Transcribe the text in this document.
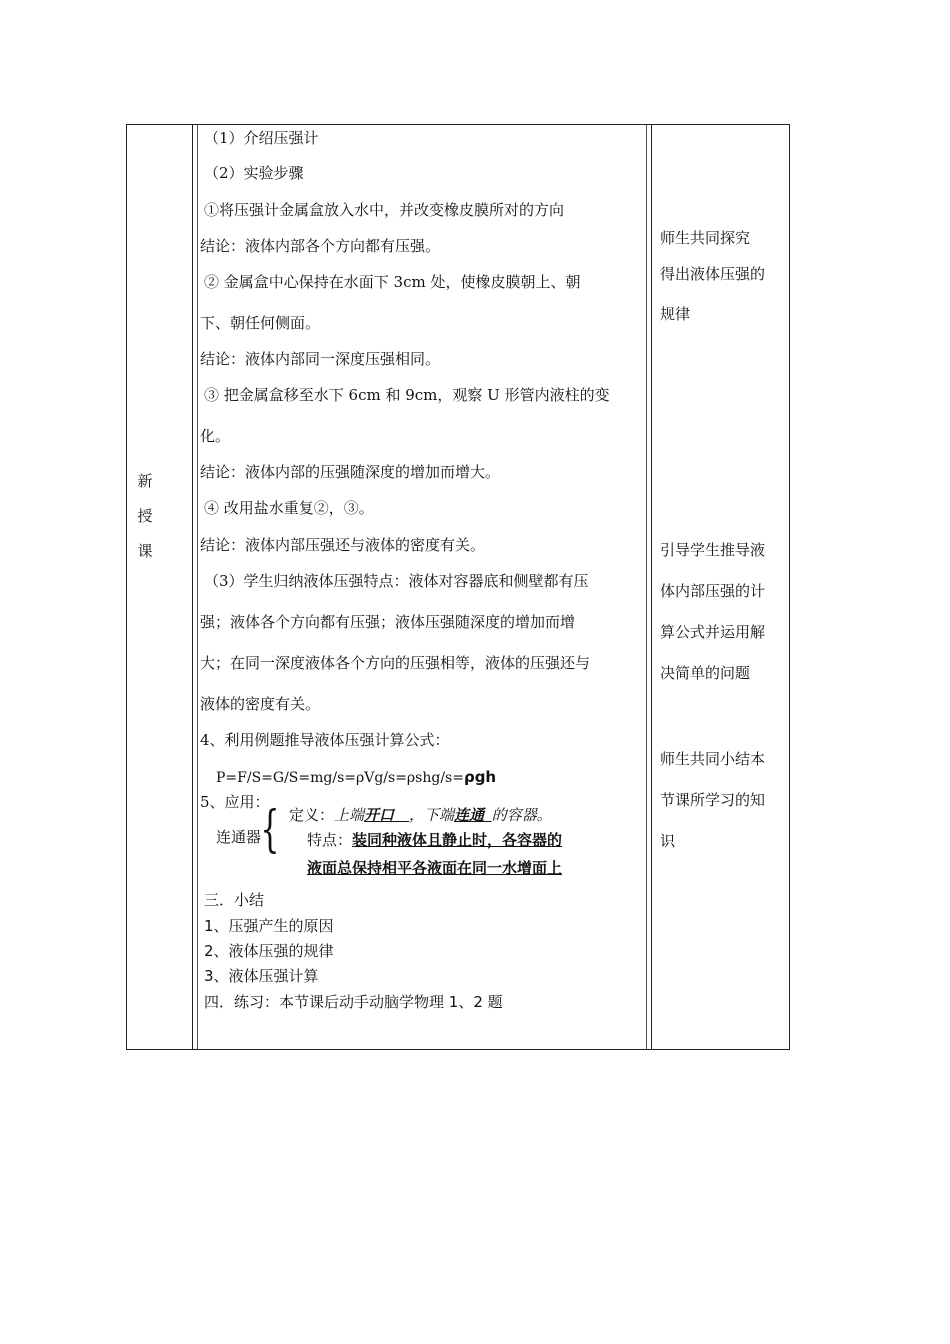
新
授
课
（1）介绍压强计
（2）实验步骤
①将压强计金属盒放入水中，并改变橡皮膜所对的方向
结论：液体内部各个方向都有压强。
② 金属盒中心保持在水面下 3cm 处，使橡皮膜朝上、朝
下、朝任何侧面。
结论：液体内部同一深度压强相同。
③ 把金属盒移至水下 6cm 和 9cm，观察 U 形管内液柱的变
化。
结论：液体内部的压强随深度的增加而增大。
④ 改用盐水重复②，③。
结论：液体内部压强还与液体的密度有关。
（3）学生归纳液体压强特点：液体对容器底和侧壁都有压
强；液体各个方向都有压强；液体压强随深度的增加而增
大；在同一深度液体各个方向的压强相等，液体的压强还与
液体的密度有关。
4、利用例题推导液体压强计算公式：
P=F/S=G/S=mg/s=ρVg/s=ρshg/s=ρgh
5、应用：
连通器 { 定义：上端开口  ，下端连通  的容器。
特点：装同种液体且静止时，各容器的
液面总保持相平各液面在同一水增面上
三．小结
1、压强产生的原因
2、液体压强的规律
3、液体压强计算
四．练习：本节课后动手动脑学物理 1、2 题
师生共同探究
得出液体压强的
规律
引导学生推导液
体内部压强的计
算公式并运用解
决简单的问题
师生共同小结本
节课所学习的知
识
